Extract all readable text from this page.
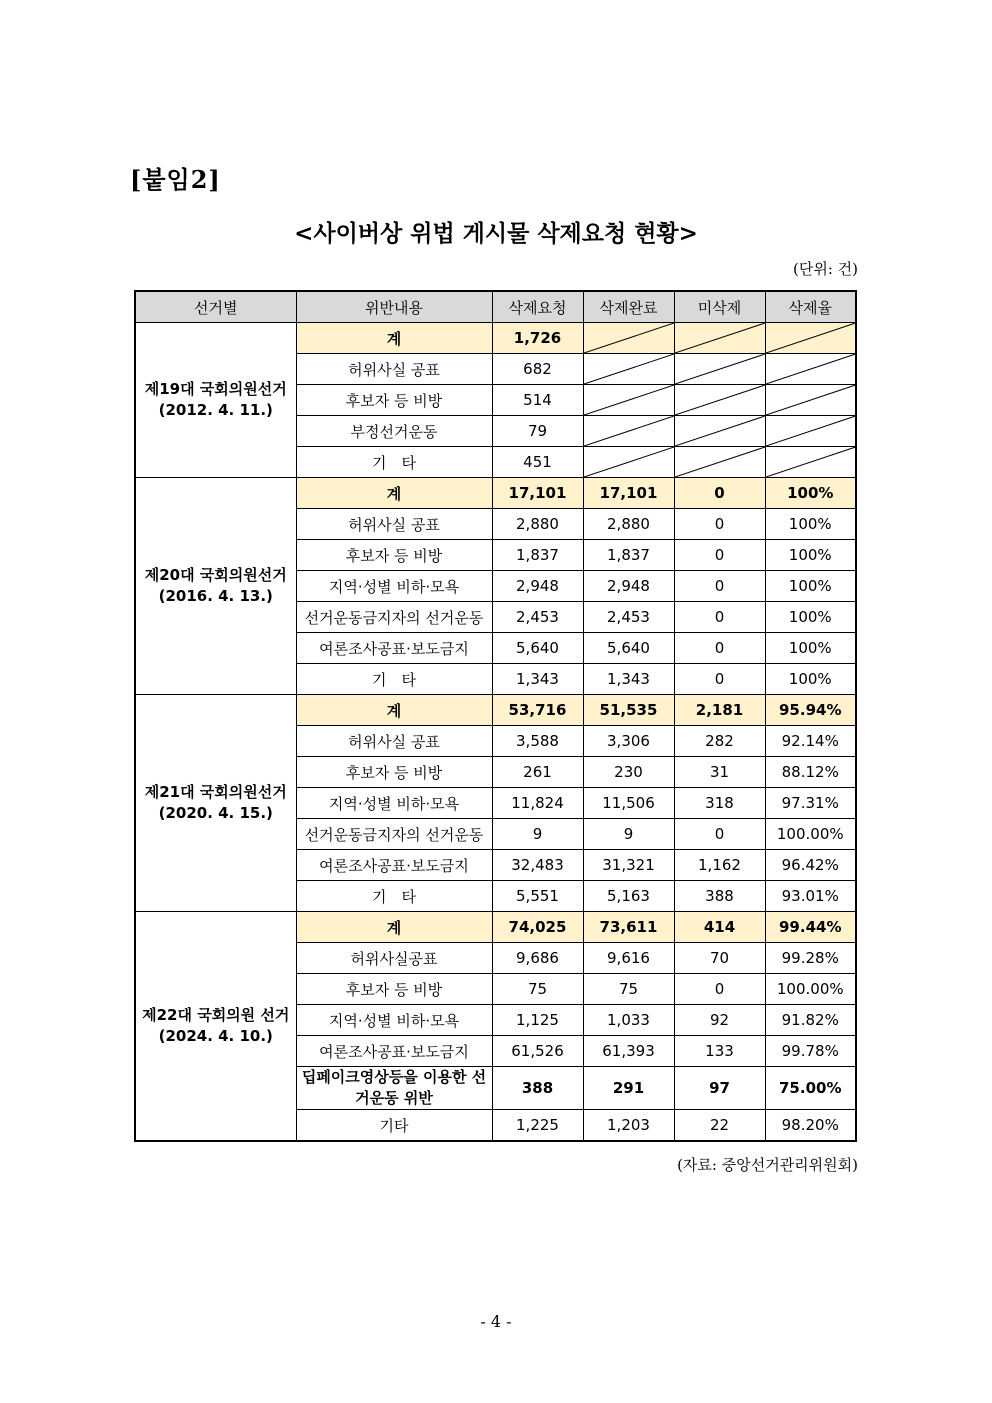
[붙임2]
<사이버상 위법 게시물 삭제요청 현황>
(단위: 건)
선거별	위반내용	삭제요청	삭제완료	미삭제	삭제율

제19대 국회의원선거
(2012. 4. 11.)	계	1,726	

	허위사실 공표	682	

	후보자 등 비방	514	

	부정선거운동	79	

	기　타	451	

제20대 국회의원선거
(2016. 4. 13.)	계	17,101	17,101	0	100%
	허위사실 공표	2,880	2,880	0	100%
	후보자 등 비방	1,837	1,837	0	100%
	지역·성별 비하·모욕	2,948	2,948	0	100%
	선거운동금지자의 선거운동	2,453	2,453	0	100%
	여론조사공표·보도금지	5,640	5,640	0	100%
	기　타	1,343	1,343	0	100%

제21대 국회의원선거
(2020. 4. 15.)	계	53,716	51,535	2,181	95.94%
	허위사실 공표	3,588	3,306	282	92.14%
	후보자 등 비방	261	230	31	88.12%
	지역·성별 비하·모욕	11,824	11,506	318	97.31%
	선거운동금지자의 선거운동	9	9	0	100.00%
	여론조사공표·보도금지	32,483	31,321	1,162	96.42%
	기　타	5,551	5,163	388	93.01%

제22대 국회의원 선거
(2024. 4. 10.)	계	74,025	73,611	414	99.44%
	허위사실공표	9,686	9,616	70	99.28%
	후보자 등 비방	75	75	0	100.00%
	지역·성별 비하·모욕	1,125	1,033	92	91.82%
	여론조사공표·보도금지	61,526	61,393	133	99.78%
	딥페이크영상등을 이용한 선거운동 위반	388	291	97	75.00%
	기타	1,225	1,203	22	98.20%
(자료: 중앙선거관리위원회)
- 4 -
